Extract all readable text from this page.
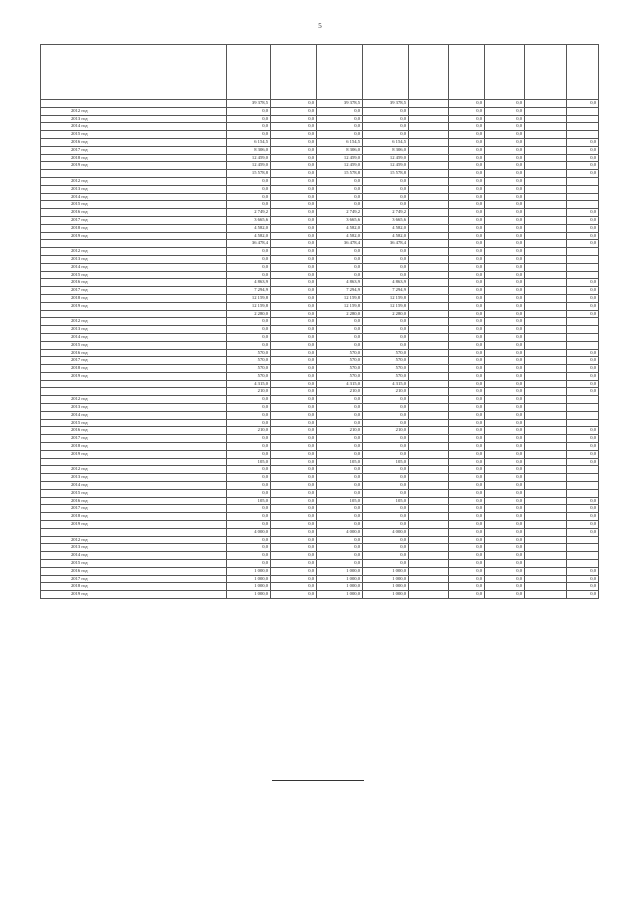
5

	39 378,5	0,0	39 378,5	39 378,5		0,0	0,0		0,0
2012 год	0,0	0,0	0,0	0,0		0,0	0,0		
2013 год	0,0	0,0	0,0	0,0		0,0	0,0		
2014 год	0,0	0,0	0,0	0,0		0,0	0,0		
2015 год	0,0	0,0	0,0	0,0		0,0	0,0		
2016 год	6 154,5	0,0	6 154,5	6 154,5		0,0	0,0		0,0
2017 год	8 306,0	0,0	8 306,0	8 306,0		0,0	0,0		0,0
2018 год	12 459,0	0,0	12 459,0	12 459,0		0,0	0,0		0,0
2019 год	12 459,0	0,0	12 459,0	12 459,0		0,0	0,0		0,0
	15 578,8	0,0	15 578,8	15 578,8		0,0	0,0		0,0
2012 год	0,0	0,0	0,0	0,0		0,0	0,0		
2013 год	0,0	0,0	0,0	0,0		0,0	0,0		
2014 год	0,0	0,0	0,0	0,0		0,0	0,0		
2015 год	0,0	0,0	0,0	0,0		0,0	0,0		
2016 год	2 749,2	0,0	2 749,2	2 749,2		0,0	0,0		0,0
2017 год	3 665,6	0,0	3 665,6	3 665,6		0,0	0,0		0,0
2018 год	4 582,0	0,0	4 582,0	4 582,0		0,0	0,0		0,0
2019 год	4 582,0	0,0	4 582,0	4 582,0		0,0	0,0		0,0
	36 478,4	0,0	36 478,4	36 478,4		0,0	0,0		0,0
2012 год	0,0	0,0	0,0	0,0		0,0	0,0		
2013 год	0,0	0,0	0,0	0,0		0,0	0,0		
2014 год	0,0	0,0	0,0	0,0		0,0	0,0		
2015 год	0,0	0,0	0,0	0,0		0,0	0,0		
2016 год	4 863,9	0,0	4 863,9	4 863,9		0,0	0,0		0,0
2017 год	7 294,9	0,0	7 294,9	7 294,9		0,0	0,0		0,0
2018 год	12 159,8	0,0	12 159,8	12 159,8		0,0	0,0		0,0
2019 год	12 159,8	0,0	12 159,8	12 159,8		0,0	0,0		0,0
	2 280,0	0,0	2 280,0	2 280,0		0,0	0,0		0,0
2012 год	0,0	0,0	0,0	0,0		0,0	0,0		
2013 год	0,0	0,0	0,0	0,0		0,0	0,0		
2014 год	0,0	0,0	0,0	0,0		0,0	0,0		
2015 год	0,0	0,0	0,0	0,0		0,0	0,0		
2016 год	570,0	0,0	570,0	570,0		0,0	0,0		0,0
2017 год	570,0	0,0	570,0	570,0		0,0	0,0		0,0
2018 год	570,0	0,0	570,0	570,0		0,0	0,0		0,0
2019 год	570,0	0,0	570,0	570,0		0,0	0,0		0,0
	4 315,0	0,0	4 315,0	4 315,0		0,0	0,0		0,0
	210,0	0,0	210,0	210,0		0,0	0,0		0,0
2012 год	0,0	0,0	0,0	0,0		0,0	0,0		
2013 год	0,0	0,0	0,0	0,0		0,0	0,0		
2014 год	0,0	0,0	0,0	0,0		0,0	0,0		
2015 год	0,0	0,0	0,0	0,0		0,0	0,0		
2016 год	210,0	0,0	210,0	210,0		0,0	0,0		0,0
2017 год	0,0	0,0	0,0	0,0		0,0	0,0		0,0
2018 год	0,0	0,0	0,0	0,0		0,0	0,0		0,0
2019 год	0,0	0,0	0,0	0,0		0,0	0,0		0,0
	105,0	0,0	105,0	105,0		0,0	0,0		0,0
2012 год	0,0	0,0	0,0	0,0		0,0	0,0		
2013 год	0,0	0,0	0,0	0,0		0,0	0,0		
2014 год	0,0	0,0	0,0	0,0		0,0	0,0		
2015 год	0,0	0,0	0,0	0,0		0,0	0,0		
2016 год	105,0	0,0	105,0	105,0		0,0	0,0		0,0
2017 год	0,0	0,0	0,0	0,0		0,0	0,0		0,0
2018 год	0,0	0,0	0,0	0,0		0,0	0,0		0,0
2019 год	0,0	0,0	0,0	0,0		0,0	0,0		0,0
	4 000,0	0,0	4 000,0	4 000,0		0,0	0,0		0,0
2012 год	0,0	0,0	0,0	0,0		0,0	0,0		
2013 год	0,0	0,0	0,0	0,0		0,0	0,0		
2014 год	0,0	0,0	0,0	0,0		0,0	0,0		
2015 год	0,0	0,0	0,0	0,0		0,0	0,0		
2016 год	1 000,0	0,0	1 000,0	1 000,0		0,0	0,0		0,0
2017 год	1 000,0	0,0	1 000,0	1 000,0		0,0	0,0		0,0
2018 год	1 000,0	0,0	1 000,0	1 000,0		0,0	0,0		0,0
2019 год	1 000,0	0,0	1 000,0	1 000,0		0,0	0,0		0,0
